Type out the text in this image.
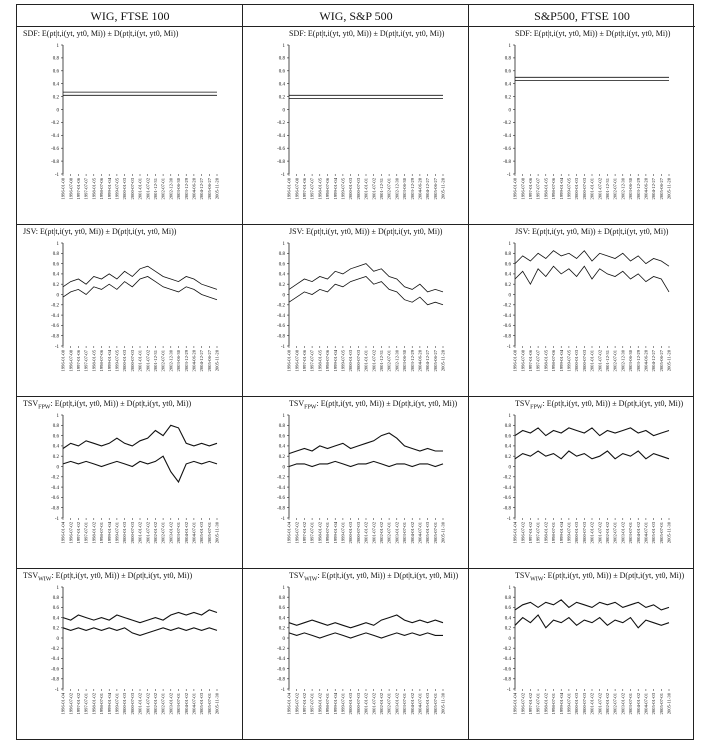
WIG, FTSE 100	WIG, S&P 500	S&P500, FTSE 100
SDF: E(ρt|t,i(yt, yt0, Mi)) ± D(ρt|t,i(yt, yt0, Mi))
1
0.8
0.6
0.4
0.2
0
-0.2
-0.4
-0.6
-0.8
-1
1996-01-08 1996-07-08 1997-01-06 1997-07-07 1998-01-05 1998-07-06 1999-01-04 1999-07-05 2000-01-03 2000-07-03 2001-01-01 2001-07-02 2001-12-31 2002-07-01 2002-12-30 2003-06-30 2003-12-29 2004-06-28 2004-12-27 2005-06-27 2005-11-28
SDF: E(ρt|t,i(yt, yt0, Mi)) ± D(ρt|t,i(yt, yt0, Mi))
1
0.8
0.6
0.4
0.2
0
-0.2
-0.4
-0.6
-0.8
-1
1996-01-08 1996-07-08 1997-01-06 1997-07-07 1998-01-05 1998-07-06 1999-01-04 1999-07-05 2000-01-03 2000-07-03 2001-01-01 2001-07-02 2001-12-31 2002-07-01 2002-12-30 2003-06-30 2003-12-29 2004-06-28 2004-12-27 2005-06-27 2005-11-28
SDF: E(ρt|t,i(yt, yt0, Mi)) ± D(ρt|t,i(yt, yt0, Mi))
1
0.8
0.6
0.4
0.2
0
-0.2
-0.4
-0.6
-0.8
-1
1996-01-08 1996-07-08 1997-01-06 1997-07-07 1998-01-05 1998-07-06 1999-01-04 1999-07-05 2000-01-03 2000-07-03 2001-01-01 2001-07-02 2001-12-31 2002-07-01 2002-12-30 2003-06-30 2003-12-29 2004-06-28 2004-12-27 2005-06-27 2005-11-28
JSV: E(ρt|t,i(yt, yt0, Mi)) ± D(ρt|t,i(yt, yt0, Mi))
1
0.8
0.6
0.4
0.2
0
-0.2
-0.4
-0.6
-0.8
-1
1996-01-08 1996-07-08 1997-01-06 1997-07-07 1998-01-05 1998-07-06 1999-01-04 1999-07-05 2000-01-03 2000-07-03 2001-01-01 2001-07-02 2001-12-31 2002-07-01 2002-12-30 2003-06-30 2003-12-29 2004-06-28 2004-12-27 2005-06-27 2005-11-28
JSV: E(ρt|t,i(yt, yt0, Mi)) ± D(ρt|t,i(yt, yt0, Mi))
1
0.8
0.6
0.4
0.2
0
-0.2
-0.4
-0.6
-0.8
-1
1996-01-08 1996-07-08 1997-01-06 1997-07-07 1998-01-05 1998-07-06 1999-01-04 1999-07-05 2000-01-03 2000-07-03 2001-01-01 2001-07-02 2001-12-31 2002-07-01 2002-12-30 2003-06-30 2003-12-29 2004-06-28 2004-12-27 2005-06-27 2005-11-28
JSV: E(ρt|t,i(yt, yt0, Mi)) ± D(ρt|t,i(yt, yt0, Mi))
1
0.8
0.6
0.4
0.2
0
-0.2
-0.4
-0.6
-0.8
-1
1996-01-08 1996-07-08 1997-01-06 1997-07-07 1998-01-05 1998-07-06 1999-01-04 1999-07-05 2000-01-03 2000-07-03 2001-01-01 2001-07-02 2001-12-31 2002-07-01 2002-12-30 2003-06-30 2003-12-29 2004-06-28 2004-12-27 2005-06-27 2005-11-28
$TSV_{FPW}$: E(ρt|t,i(yt, yt0, Mi)) ± D(ρt|t,i(yt, yt0, Mi))
1
0.8
0.6
0.4
0.2
0
-0.2
-0.4
-0.6
-0.8
-1
1996-01-04 1996-07-02 1997-01-02 1997-07-01 1998-01-02 1998-07-01 1999-01-04 1999-07-01 2000-01-03 2000-07-03 2001-01-02 2001-07-02 2002-01-02 2002-07-01 2003-01-02 2003-07-01 2004-01-02 2004-07-01 2005-01-03 2005-07-01 2005-11-30
$TSV_{FPW}$: E(ρt|t,i(yt, yt0, Mi)) ± D(ρt|t,i(yt, yt0, Mi))
1
0.8
0.6
0.4
0.2
0
-0.2
-0.4
-0.6
-0.8
-1
1996-01-04 1996-07-02 1997-01-02 1997-07-01 1998-01-02 1998-07-01 1999-01-04 1999-07-01 2000-01-03 2000-07-03 2001-01-02 2001-07-02 2002-01-02 2002-07-01 2003-01-02 2003-07-01 2004-01-02 2004-07-01 2005-01-03 2005-07-01 2005-11-30
$TSV_{FPW}$: E(ρt|t,i(yt, yt0, Mi)) ± D(ρt|t,i(yt, yt0, Mi))
1
0.8
0.6
0.4
0.2
0
-0.2
-0.4
-0.6
-0.8
-1
1996-01-04 1996-07-02 1997-01-02 1997-07-01 1998-01-02 1998-07-01 1999-01-04 1999-07-01 2000-01-03 2000-07-03 2001-01-02 2001-07-02 2002-01-02 2002-07-01 2003-01-02 2003-07-01 2004-01-02 2004-07-01 2005-01-03 2005-07-01 2005-11-30
$TSV_{WIW}$: E(ρt|t,i(yt, yt0, Mi)) ± D(ρt|t,i(yt, yt0, Mi))
1
0.8
0.6
0.4
0.2
0
-0.2
-0.4
-0.6
-0.8
-1
1996-01-04 1996-07-02 1997-01-02 1997-07-01 1998-01-02 1998-07-01 1999-01-04 1999-07-01 2000-01-03 2000-07-03 2001-01-02 2001-07-02 2002-01-02 2002-07-01 2003-01-02 2003-07-01 2004-01-02 2004-07-01 2005-01-03 2005-07-01 2005-11-30
$TSV_{WIW}$: E(ρt|t,i(yt, yt0, Mi)) ± D(ρt|t,i(yt, yt0, Mi))
1
0.8
0.6
0.4
0.2
0
-0.2
-0.4
-0.6
-0.8
-1
1996-01-04 1996-07-02 1997-01-02 1997-07-01 1998-01-02 1998-07-01 1999-01-04 1999-07-01 2000-01-03 2000-07-03 2001-01-02 2001-07-02 2002-01-02 2002-07-01 2003-01-02 2003-07-01 2004-01-02 2004-07-01 2005-01-03 2005-07-01 2005-11-30
$TSV_{WIW}$: E(ρt|t,i(yt, yt0, Mi)) ± D(ρt|t,i(yt, yt0, Mi))
1
0.8
0.6
0.4
0.2
0
-0.2
-0.4
-0.6
-0.8
-1
1996-01-04 1996-07-02 1997-01-02 1997-07-01 1998-01-02 1998-07-01 1999-01-04 1999-07-01 2000-01-03 2000-07-03 2001-01-02 2001-07-02 2002-01-02 2002-07-01 2003-01-02 2003-07-01 2004-01-02 2004-07-01 2005-01-03 2005-07-01 2005-11-30
